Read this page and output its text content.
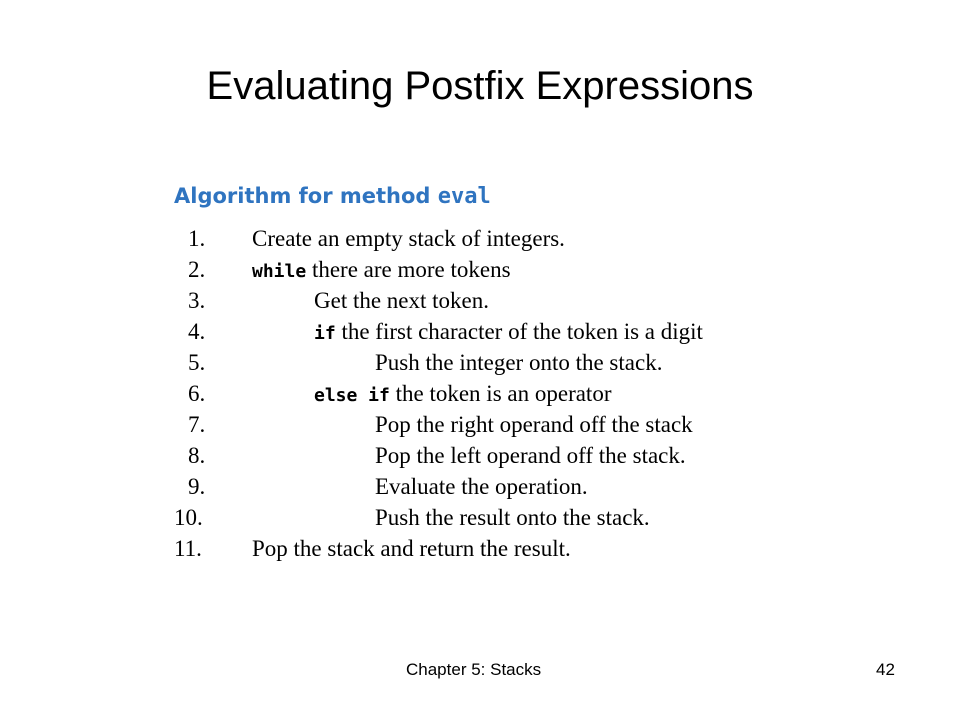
Evaluating Postfix Expressions
Algorithm for method eval
1. Create an empty stack of integers.
2.	while there are more tokens
3.	Get the next token.
4.	if the first character of the token is a digit
5.	Push the integer onto the stack.
6.	else if the token is an operator
7.	Pop the right operand off the stack
8.	Pop the left operand off the stack.
9.	Evaluate the operation.
10.	Push the result onto the stack.
11. Pop the stack and return the result.
Chapter 5: Stacks	42
